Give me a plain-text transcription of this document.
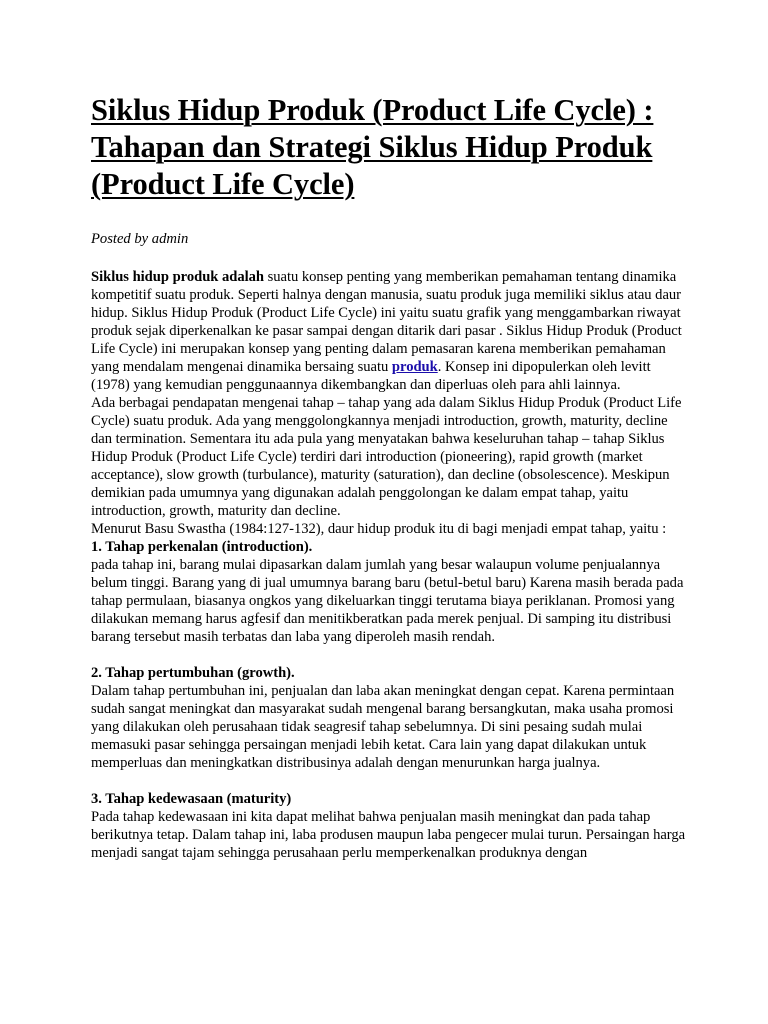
Siklus Hidup Produk (Product Life Cycle) : Tahapan dan Strategi Siklus Hidup Produk (Product Life Cycle)
Posted by admin

Siklus hidup produk adalah suatu konsep penting yang memberikan pemahaman tentang dinamika kompetitif suatu produk. Seperti halnya dengan manusia, suatu produk juga memiliki siklus atau daur hidup. Siklus Hidup Produk (Product Life Cycle) ini yaitu suatu grafik yang menggambarkan riwayat produk sejak diperkenalkan ke pasar sampai dengan ditarik dari pasar . Siklus Hidup Produk (Product Life Cycle) ini merupakan konsep yang penting dalam pemasaran karena memberikan pemahaman yang mendalam mengenai dinamika bersaing suatu produk. Konsep ini dipopulerkan oleh levitt (1978) yang kemudian penggunaannya dikembangkan dan diperluas oleh para ahli lainnya.

Ada berbagai pendapatan mengenai tahap – tahap yang ada dalam Siklus Hidup Produk (Product Life Cycle) suatu produk. Ada yang menggolongkannya menjadi introduction, growth, maturity, decline dan termination. Sementara itu ada pula yang menyatakan bahwa keseluruhan tahap – tahap Siklus Hidup Produk (Product Life Cycle) terdiri dari introduction (pioneering), rapid growth (market acceptance), slow growth (turbulance), maturity (saturation), dan decline (obsolescence). Meskipun demikian pada umumnya yang digunakan adalah penggolongan ke dalam empat tahap, yaitu introduction, growth, maturity dan decline.

Menurut Basu Swastha (1984:127-132), daur hidup produk itu di bagi menjadi empat tahap, yaitu :

1. Tahap perkenalan (introduction).

pada tahap ini, barang mulai dipasarkan dalam jumlah yang besar walaupun volume penjualannya belum tinggi. Barang yang di jual umumnya barang baru (betul-betul baru) Karena masih berada pada tahap permulaan, biasanya ongkos yang dikeluarkan tinggi terutama biaya periklanan. Promosi yang dilakukan memang harus agfesif dan menitikberatkan pada merek penjual. Di samping itu distribusi barang tersebut masih terbatas dan laba yang diperoleh masih rendah.

2. Tahap pertumbuhan (growth).

Dalam tahap pertumbuhan ini, penjualan dan laba akan meningkat dengan cepat. Karena permintaan sudah sangat meningkat dan masyarakat sudah mengenal barang bersangkutan, maka usaha promosi yang dilakukan oleh perusahaan tidak seagresif tahap sebelumnya. Di sini pesaing sudah mulai memasuki pasar sehingga persaingan menjadi lebih ketat. Cara lain yang dapat dilakukan untuk memperluas dan meningkatkan distribusinya adalah dengan menurunkan harga jualnya.

3. Tahap kedewasaan (maturity)

Pada tahap kedewasaan ini kita dapat melihat bahwa penjualan masih meningkat dan pada tahap berikutnya tetap. Dalam tahap ini, laba produsen maupun laba pengecer mulai turun. Persaingan harga menjadi sangat tajam sehingga perusahaan perlu memperkenalkan produknya dengan
